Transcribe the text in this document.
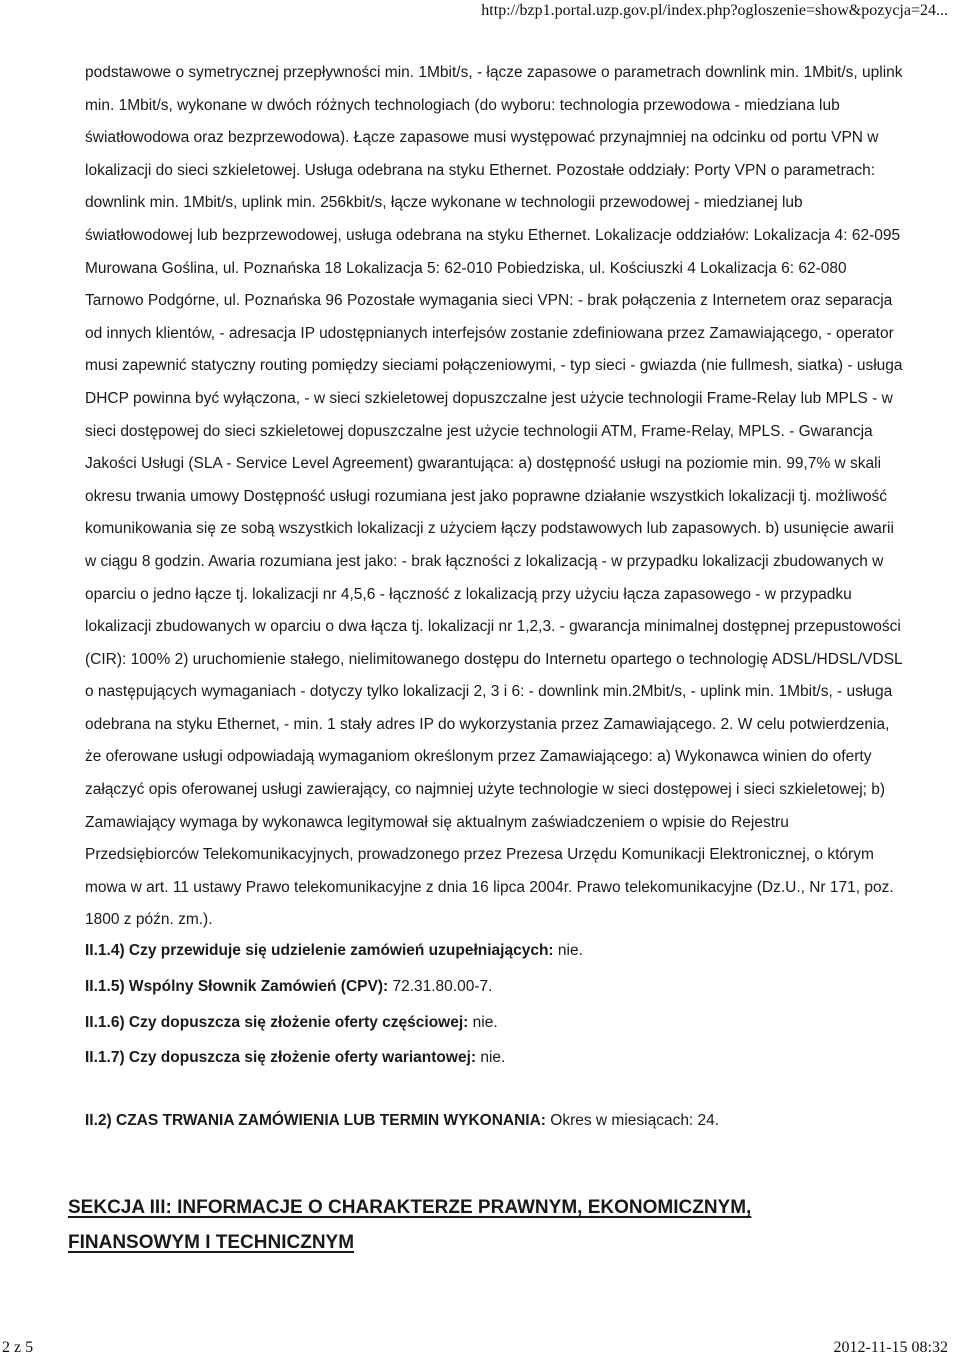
http://bzp1.portal.uzp.gov.pl/index.php?ogloszenie=show&pozycja=24...

podstawowe o symetrycznej przepływności min. 1Mbit/s, - łącze zapasowe o parametrach downlink min. 1Mbit/s, uplink min. 1Mbit/s, wykonane w dwóch różnych technologiach (do wyboru: technologia przewodowa - miedziana lub światłowodowa oraz bezprzewodowa). Łącze zapasowe musi występować przynajmniej na odcinku od portu VPN w lokalizacji do sieci szkieletowej. Usługa odebrana na styku Ethernet. Pozostałe oddziały: Porty VPN o parametrach: downlink min. 1Mbit/s, uplink min. 256kbit/s, łącze wykonane w technologii przewodowej - miedzianej lub światłowodowej lub bezprzewodowej, usługa odebrana na styku Ethernet. Lokalizacje oddziałów: Lokalizacja 4: 62-095 Murowana Goślina, ul. Poznańska 18 Lokalizacja 5: 62-010 Pobiedziska, ul. Kościuszki 4 Lokalizacja 6: 62-080 Tarnowo Podgórne, ul. Poznańska 96 Pozostałe wymagania sieci VPN: - brak połączenia z Internetem oraz separacja od innych klientów, - adresacja IP udostępnianych interfejsów zostanie zdefiniowana przez Zamawiającego, - operator musi zapewnić statyczny routing pomiędzy sieciami połączeniowymi, - typ sieci - gwiazda (nie fullmesh, siatka) - usługa DHCP powinna być wyłączona, - w sieci szkieletowej dopuszczalne jest użycie technologii Frame-Relay lub MPLS - w sieci dostępowej do sieci szkieletowej dopuszczalne jest użycie technologii ATM, Frame-Relay, MPLS. - Gwarancja Jakości Usługi (SLA - Service Level Agreement) gwarantująca: a) dostępność usługi na poziomie min. 99,7% w skali okresu trwania umowy Dostępność usługi rozumiana jest jako poprawne działanie wszystkich lokalizacji tj. możliwość komunikowania się ze sobą wszystkich lokalizacji z użyciem łączy podstawowych lub zapasowych. b) usunięcie awarii w ciągu 8 godzin. Awaria rozumiana jest jako: - brak łączności z lokalizacją - w przypadku lokalizacji zbudowanych w oparciu o jedno łącze tj. lokalizacji nr 4,5,6 - łączność z lokalizacją przy użyciu łącza zapasowego - w przypadku lokalizacji zbudowanych w oparciu o dwa łącza tj. lokalizacji nr 1,2,3. - gwarancja minimalnej dostępnej przepustowości (CIR): 100% 2) uruchomienie stałego, nielimitowanego dostępu do Internetu opartego o technologię ADSL/HDSL/VDSL o następujących wymaganiach - dotyczy tylko lokalizacji 2, 3 i 6: - downlink min.2Mbit/s, - uplink min. 1Mbit/s, - usługa odebrana na styku Ethernet, - min. 1 stały adres IP do wykorzystania przez Zamawiającego. 2. W celu potwierdzenia, że oferowane usługi odpowiadają wymaganiom określonym przez Zamawiającego: a) Wykonawca winien do oferty załączyć opis oferowanej usługi zawierający, co najmniej użyte technologie w sieci dostępowej i sieci szkieletowej; b) Zamawiający wymaga by wykonawca legitymował się aktualnym zaświadczeniem o wpisie do Rejestru Przedsiębiorców Telekomunikacyjnych, prowadzonego przez Prezesa Urzędu Komunikacji Elektronicznej, o którym mowa w art. 11 ustawy Prawo telekomunikacyjne z dnia 16 lipca 2004r. Prawo telekomunikacyjne (Dz.U., Nr 171, poz. 1800 z późn. zm.).

II.1.4) Czy przewiduje się udzielenie zamówień uzupełniających: nie.

II.1.5) Wspólny Słownik Zamówień (CPV): 72.31.80.00-7.

II.1.6) Czy dopuszcza się złożenie oferty częściowej: nie.

II.1.7) Czy dopuszcza się złożenie oferty wariantowej: nie.

II.2) CZAS TRWANIA ZAMÓWIENIA LUB TERMIN WYKONANIA: Okres w miesiącach: 24.

SEKCJA III: INFORMACJE O CHARAKTERZE PRAWNYM, EKONOMICZNYM, FINANSOWYM I TECHNICZNYM
2 z 5	2012-11-15 08:32
